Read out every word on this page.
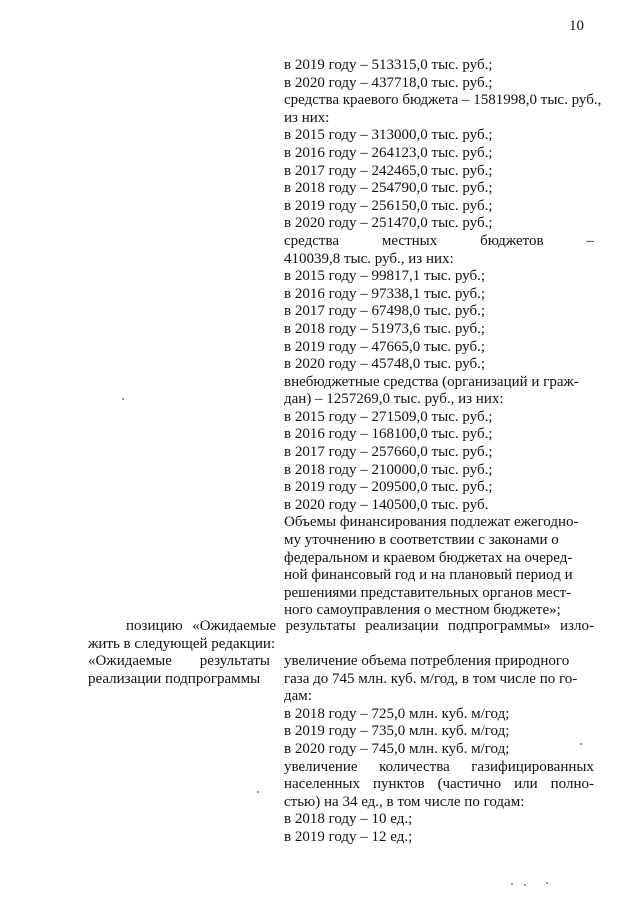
10
в 2019 году – 513315,0 тыс. руб.;
в 2020 году – 437718,0 тыс. руб.;
средства краевого бюджета – 1581998,0 тыс. руб.,
из них:
в 2015 году – 313000,0 тыс. руб.;
в 2016 году – 264123,0 тыс. руб.;
в 2017 году – 242465,0 тыс. руб.;
в 2018 году – 254790,0 тыс. руб.;
в 2019 году – 256150,0 тыс. руб.;
в 2020 году – 251470,0 тыс. руб.;
средства	местных	бюджетов	–
410039,8 тыс. руб., из них:
в 2015 году – 99817,1 тыс. руб.;
в 2016 году – 97338,1 тыс. руб.;
в 2017 году – 67498,0 тыс. руб.;
в 2018 году – 51973,6 тыс. руб.;
в 2019 году – 47665,0 тыс. руб.;
в 2020 году – 45748,0 тыс. руб.;
внебюджетные средства (организаций и граж-
дан) – 1257269,0 тыс. руб., из них:
в 2015 году – 271509,0 тыс. руб.;
в 2016 году – 168100,0 тыс. руб.;
в 2017 году – 257660,0 тыс. руб.;
в 2018 году – 210000,0 тыс. руб.;
в 2019 году – 209500,0 тыс. руб.;
в 2020 году – 140500,0 тыс. руб.
Объемы финансирования подлежат ежегодно-
му уточнению в соответствии с законами о
федеральном и краевом бюджетах на очеред-
ной финансовый год и на плановый период и
решениями представительных органов мест-
ного самоуправления о местном бюджете»;
позицию «Ожидаемые результаты реализации подпрограммы» изло-
жить в следующей редакции:
«Ожидаемые результаты
реализации подпрограммы
увеличение объема потребления природного
газа до 745 млн. куб. м/год, в том числе по го-
дам:
в 2018 году – 725,0 млн. куб. м/год;
в 2019 году – 735,0 млн. куб. м/год;
в 2020 году – 745,0 млн. куб. м/год;
увеличение количества газифицированных
населенных пунктов (частично или полно-
стью) на 34 ед., в том числе по годам:
в 2018 году – 10 ед.;
в 2019 году – 12 ед.;
